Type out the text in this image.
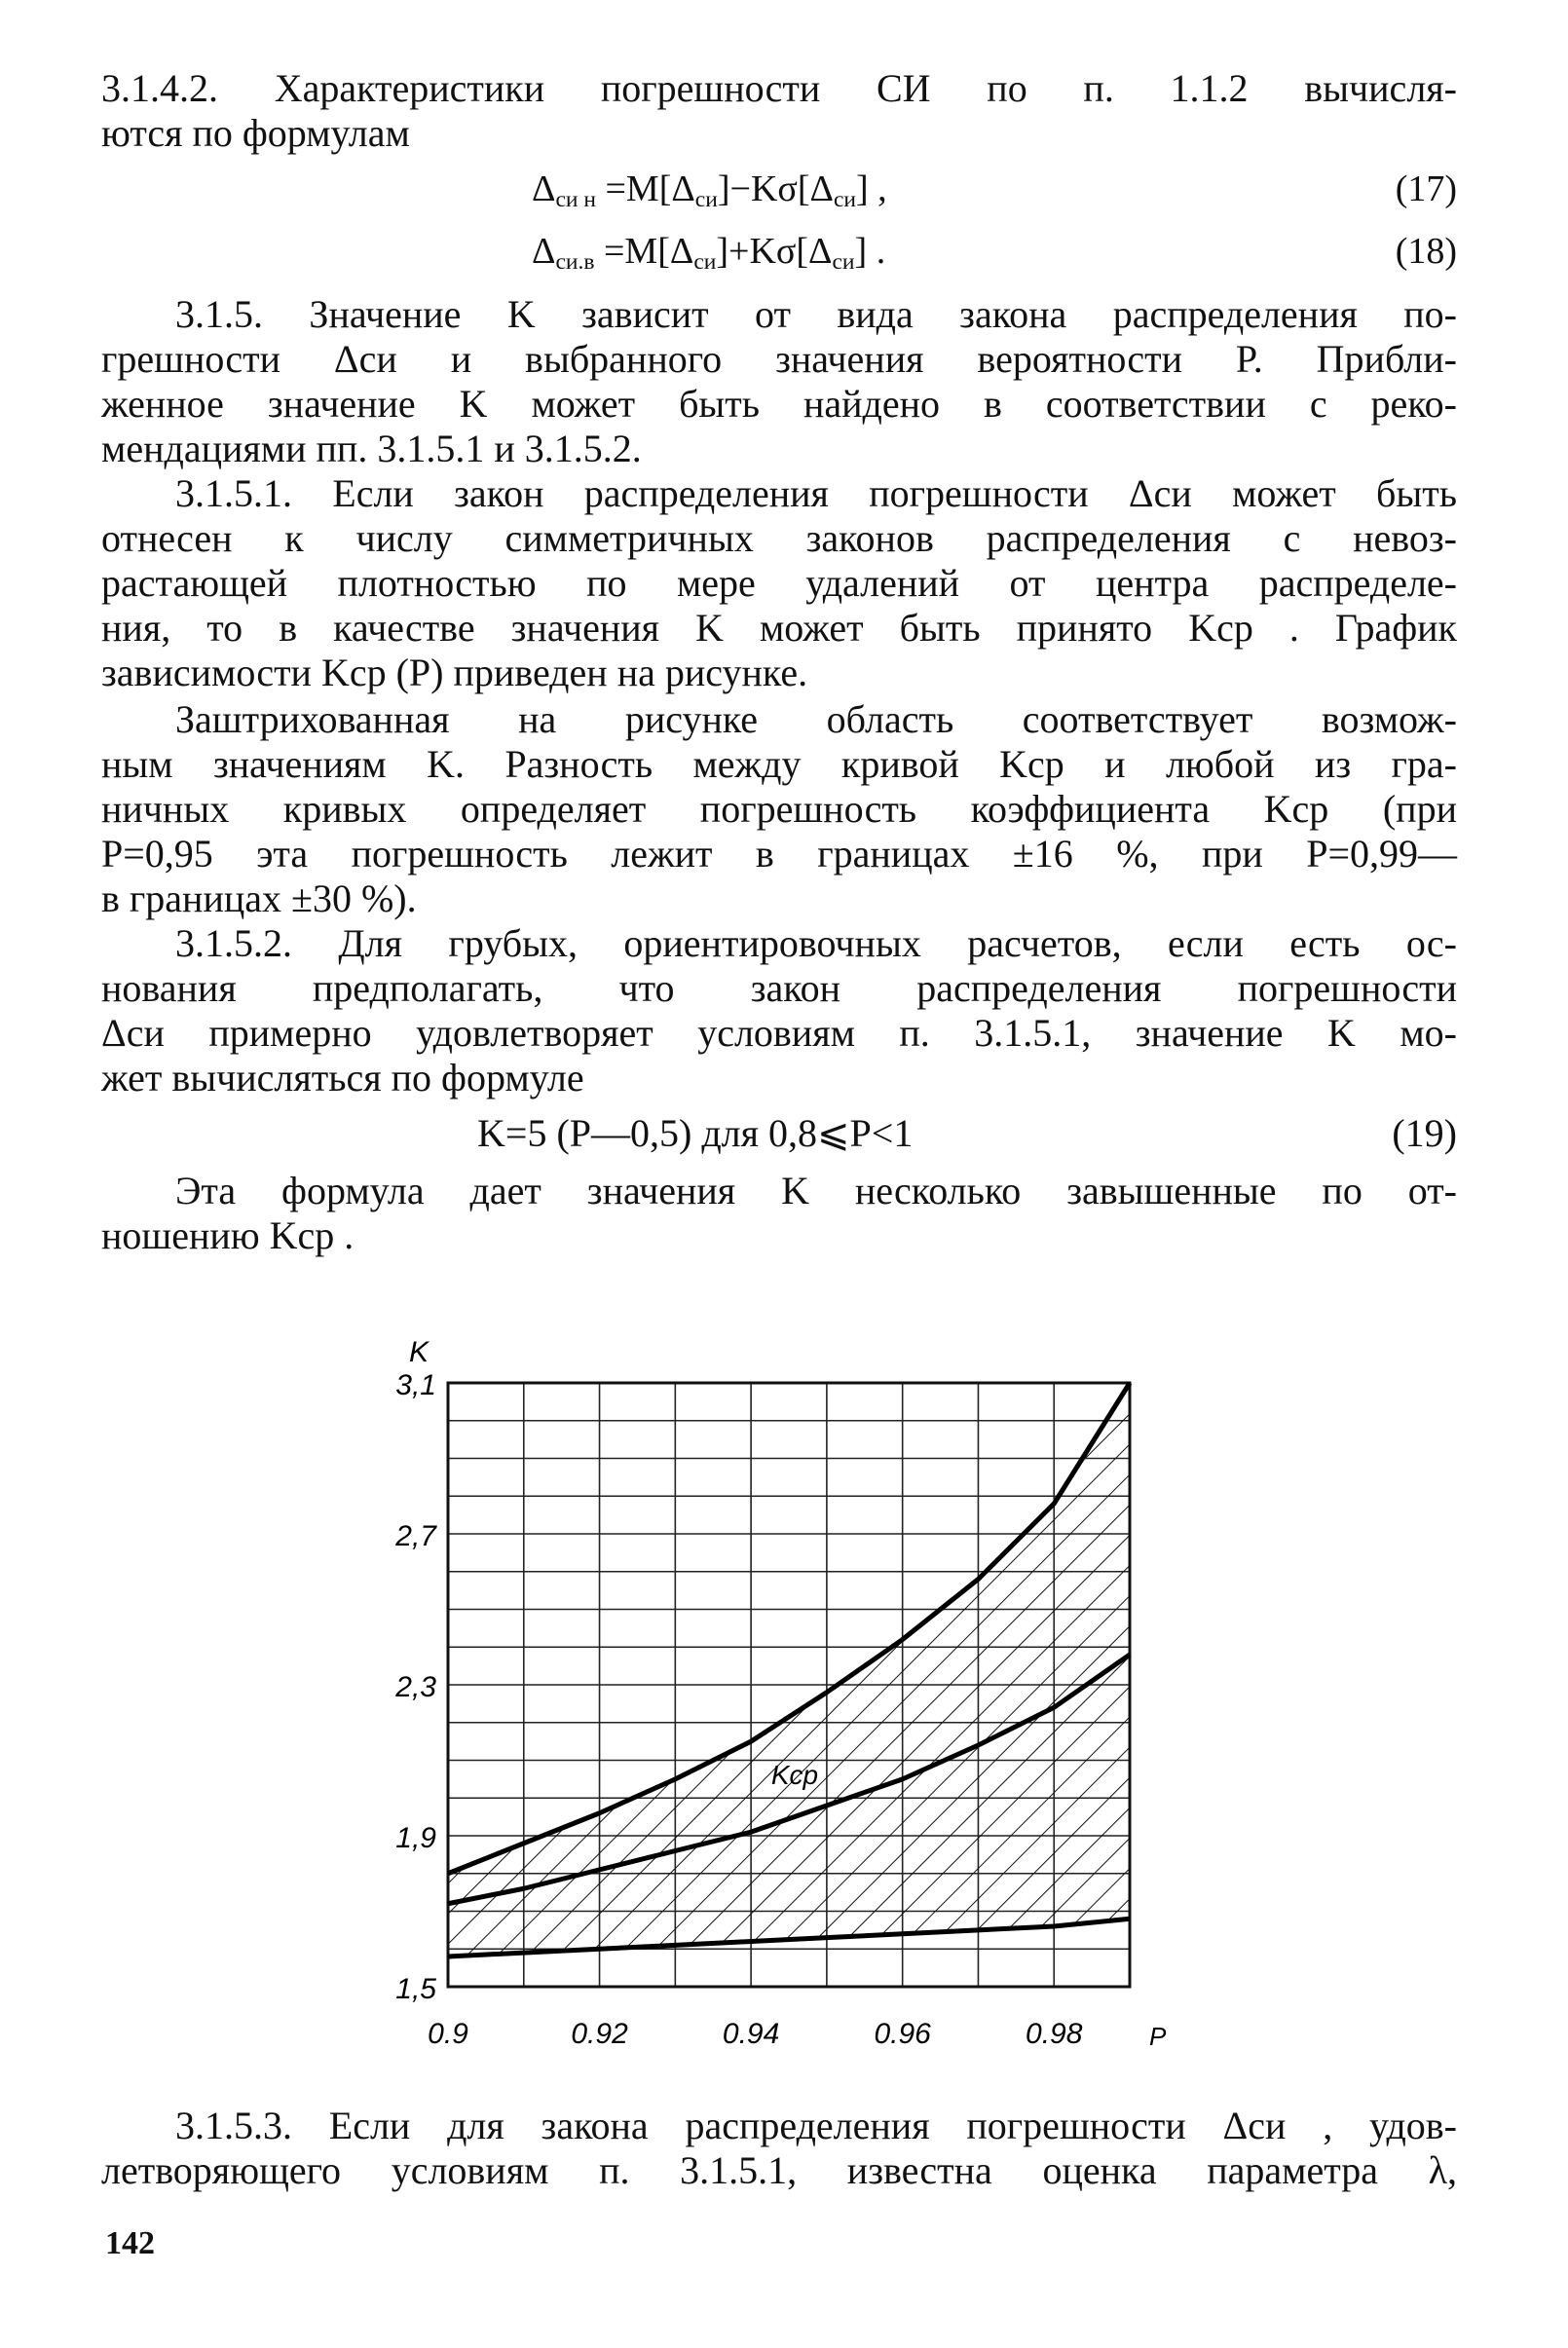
3.1.4.2. Характеристики погрешности СИ по п. 1.1.2 вычисля-
ются по формулам
$\Delta_{си н} =M[\Delta_{си}]-K\sigma[\Delta_{си}]$ ,	(17)
$\Delta_{си.в} =M[\Delta_{си}]+K\sigma[\Delta_{си}]$ .	(18)
3.1.5. Значение K зависит от вида закона распределения по-
грешности Δси и выбранного значения вероятности P. Прибли-
женное значение K может быть найдено в соответствии с реко-
мендациями пп. 3.1.5.1 и 3.1.5.2.
3.1.5.1. Если закон распределения погрешности Δси может быть
отнесен к числу симметричных законов распределения с невоз-
растающей плотностью по мере удалений от центра распределе-
ния, то в качестве значения K может быть принято Kср . График
зависимости Kср (P) приведен на рисунке.
Заштрихованная на рисунке область соответствует возмож-
ным значениям K. Разность между кривой Kср и любой из гра-
ничных кривых определяет погрешность коэффициента Kср (при
P=0,95 эта погрешность лежит в границах ±16 %, при P=0,99—
в границах ±30 %).
3.1.5.2. Для грубых, ориентировочных расчетов, если есть ос-
нования предполагать, что закон распределения погрешности
Δси примерно удовлетворяет условиям п. 3.1.5.1, значение K мо-
жет вычисляться по формуле
K=5 (P—0,5) для 0,8⩽P<1	(19)
Эта формула дает значения K несколько завышенные по от-
ношению Kср .
K
P
1,5
1,9
2,3
2,7
3,1
0.9	0.92	0.94	0.96	0.98
Kср
3.1.5.3. Если для закона распределения погрешности Δси , удов-
летворяющего условиям п. 3.1.5.1, известна оценка параметра λ,
142
